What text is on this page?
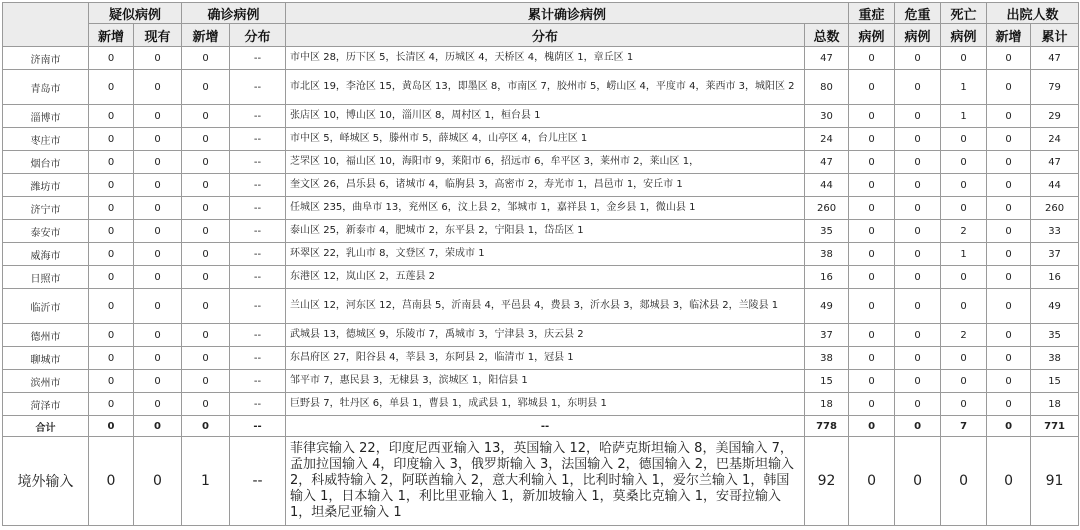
	疑似病例		确诊病例		累计确诊病例		重症	危重	死亡	出院人数	
	新增	现有	新增	分布	分布	总数	病例	病例	病例	新增	累计
济南市	0	0	0	--	市中区 28，历下区 5，长清区 4，历城区 4，天桥区 4，槐荫区 1，章丘区 1	47	0	0	0	0	47
青岛市	0	0	0	--	市北区 19，李沧区 15，黄岛区 13，即墨区 8，市南区 7，胶州市 5，崂山区 4，平度市 4，莱西市 3，城阳区 2	80	0	0	1	0	79
淄博市	0	0	0	--	张店区 10，博山区 10，淄川区 8，周村区 1，桓台县 1	30	0	0	1	0	29
枣庄市	0	0	0	--	市中区 5，峄城区 5，滕州市 5，薛城区 4，山亭区 4，台儿庄区 1	24	0	0	0	0	24
烟台市	0	0	0	--	芝罘区 10，福山区 10，海阳市 9，莱阳市 6，招远市 6，牟平区 3，莱州市 2，莱山区 1，	47	0	0	0	0	47
潍坊市	0	0	0	--	奎文区 26，昌乐县 6，诸城市 4，临朐县 3，高密市 2，寿光市 1，昌邑市 1，安丘市 1	44	0	0	0	0	44
济宁市	0	0	0	--	任城区 235，曲阜市 13，兖州区 6，汶上县 2，邹城市 1，嘉祥县 1，金乡县 1，微山县 1	260	0	0	0	0	260
泰安市	0	0	0	--	泰山区 25，新泰市 4，肥城市 2，东平县 2，宁阳县 1，岱岳区 1	35	0	0	2	0	33
威海市	0	0	0	--	环翠区 22，乳山市 8，文登区 7，荣成市 1	38	0	0	1	0	37
日照市	0	0	0	--	东港区 12，岚山区 2，五莲县 2	16	0	0	0	0	16
临沂市	0	0	0	--	兰山区 12，河东区 12，莒南县 5，沂南县 4，平邑县 4，费县 3，沂水县 3，郯城县 3，临沭县 2，兰陵县 1	49	0	0	0	0	49
德州市	0	0	0	--	武城县 13，德城区 9，乐陵市 7，禹城市 3，宁津县 3，庆云县 2	37	0	0	2	0	35
聊城市	0	0	0	--	东昌府区 27，阳谷县 4，莘县 3，东阿县 2，临清市 1，冠县 1	38	0	0	0	0	38
滨州市	0	0	0	--	邹平市 7，惠民县 3，无棣县 3，滨城区 1，阳信县 1	15	0	0	0	0	15
菏泽市	0	0	0	--	巨野县 7，牡丹区 6，单县 1，曹县 1，成武县 1，郓城县 1，东明县 1	18	0	0	0	0	18
合计	0	0	0	--	--	778	0	0	7	0	771
境外输入	0	0	1	--	菲律宾输入 22，印度尼西亚输入 13，英国输入 12，哈萨克斯坦输入 8，美国输入 7，孟加拉国输入 4，印度输入 3，俄罗斯输入 3，法国输入 2，德国输入 2，巴基斯坦输入 2，科威特输入 2，阿联酋输入 2，意大利输入 1，比利时输入 1，爱尔兰输入 1，韩国输入 1，日本输入 1，利比里亚输入 1，新加坡输入 1，莫桑比克输入 1，安哥拉输入 1，坦桑尼亚输入 1	92	0	0	0	0	91
